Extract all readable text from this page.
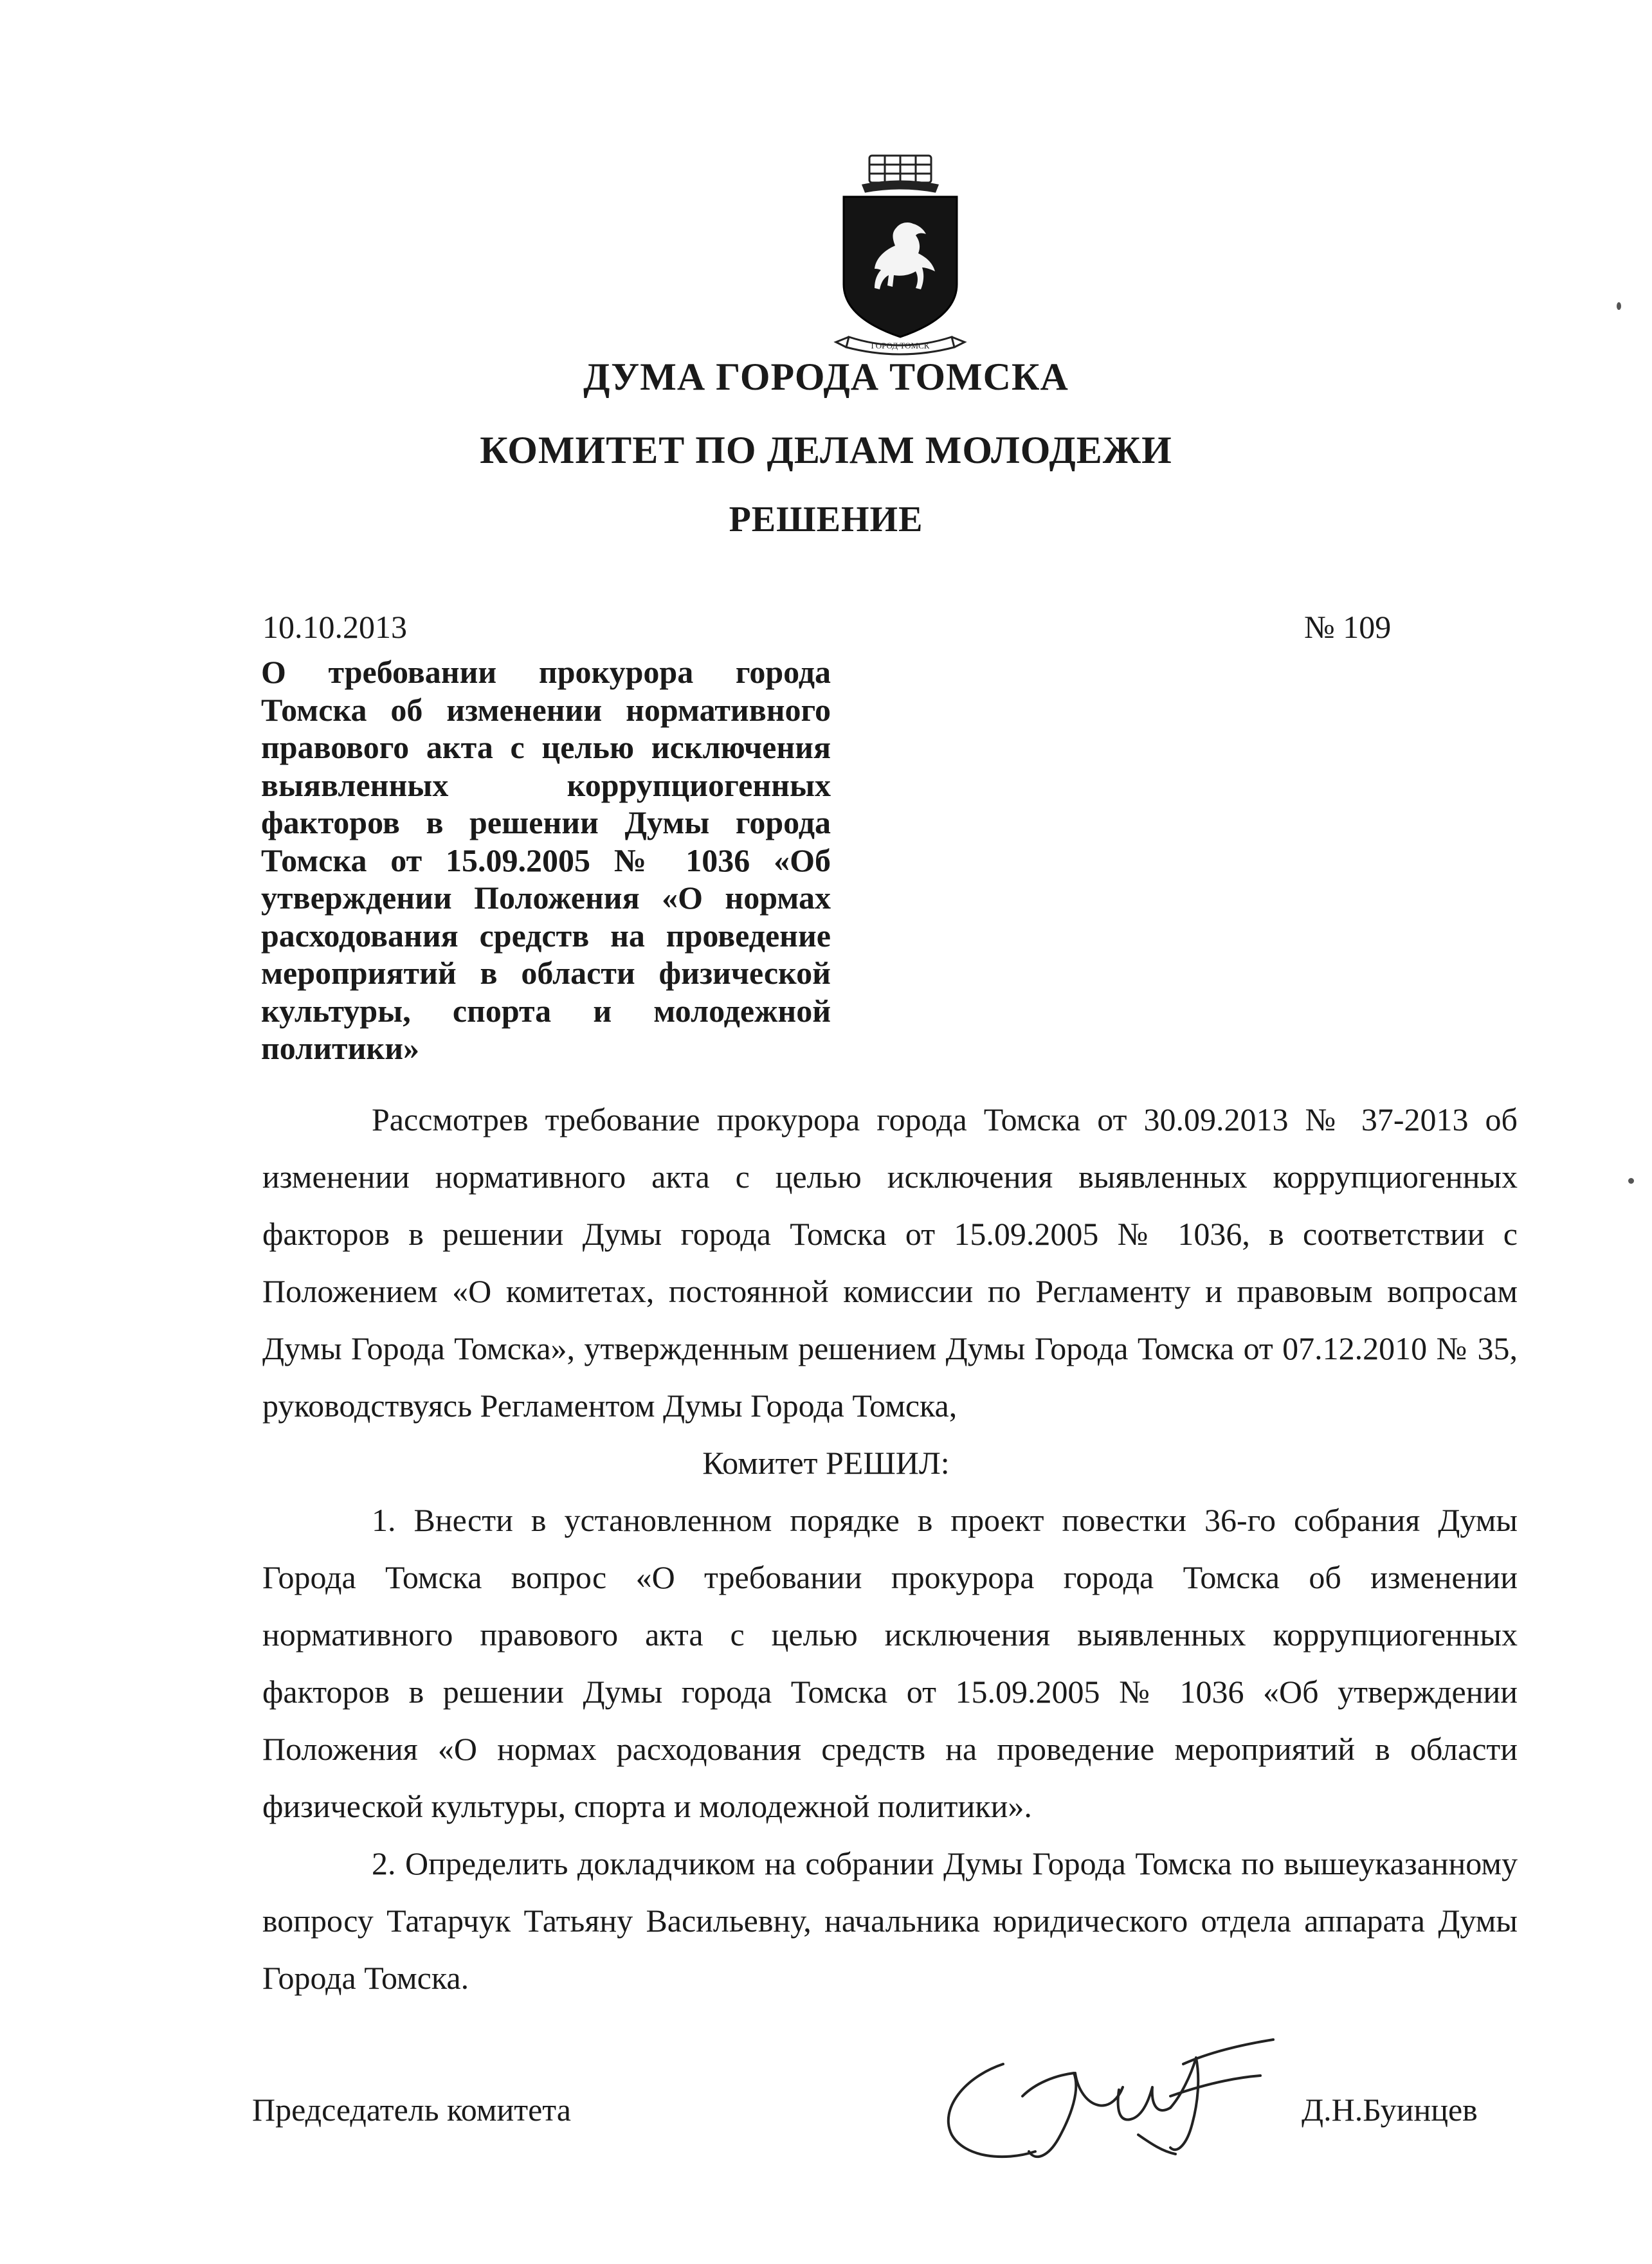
ГОРОД ТОМСК
ДУМА ГОРОДА ТОМСКА
КОМИТЕТ ПО ДЕЛАМ МОЛОДЕЖИ
РЕШЕНИЕ
10.10.2013	№ 109
О требовании прокурора города Томска об изменении нормативного правового акта с целью исключения выявленных коррупциогенных факторов в решении Думы города Томска от 15.09.2005 № 1036 «Об утверждении Положения «О нормах расходования средств на проведение мероприятий в области физической культуры, спорта и молодежной политики»

Рассмотрев требование прокурора города Томска от 30.09.2013 № 37-2013 об изменении нормативного акта с целью исключения выявленных коррупциогенных факторов в решении Думы города Томска от 15.09.2005 № 1036, в соответствии с Положением «О комитетах, постоянной комиссии по Регламенту и правовым вопросам Думы Города Томска», утвержденным решением Думы Города Томска от 07.12.2010 № 35, руководствуясь Регламентом Думы Города Томска,

Комитет РЕШИЛ:

1. Внести в установленном порядке в проект повестки 36-го собрания Думы Города Томска вопрос «О требовании прокурора города Томска об изменении нормативного правового акта с целью исключения выявленных коррупциогенных факторов в решении Думы города Томска от 15.09.2005 № 1036 «Об утверждении Положения «О нормах расходования средств на проведение мероприятий в области физической культуры, спорта и молодежной политики».

2. Определить докладчиком на собрании Думы Города Томска по вышеуказанному вопросу Татарчук Татьяну Васильевну, начальника юридического отдела аппарата Думы Города Томска.

Председатель комитета	Д.Н.Буинцев
